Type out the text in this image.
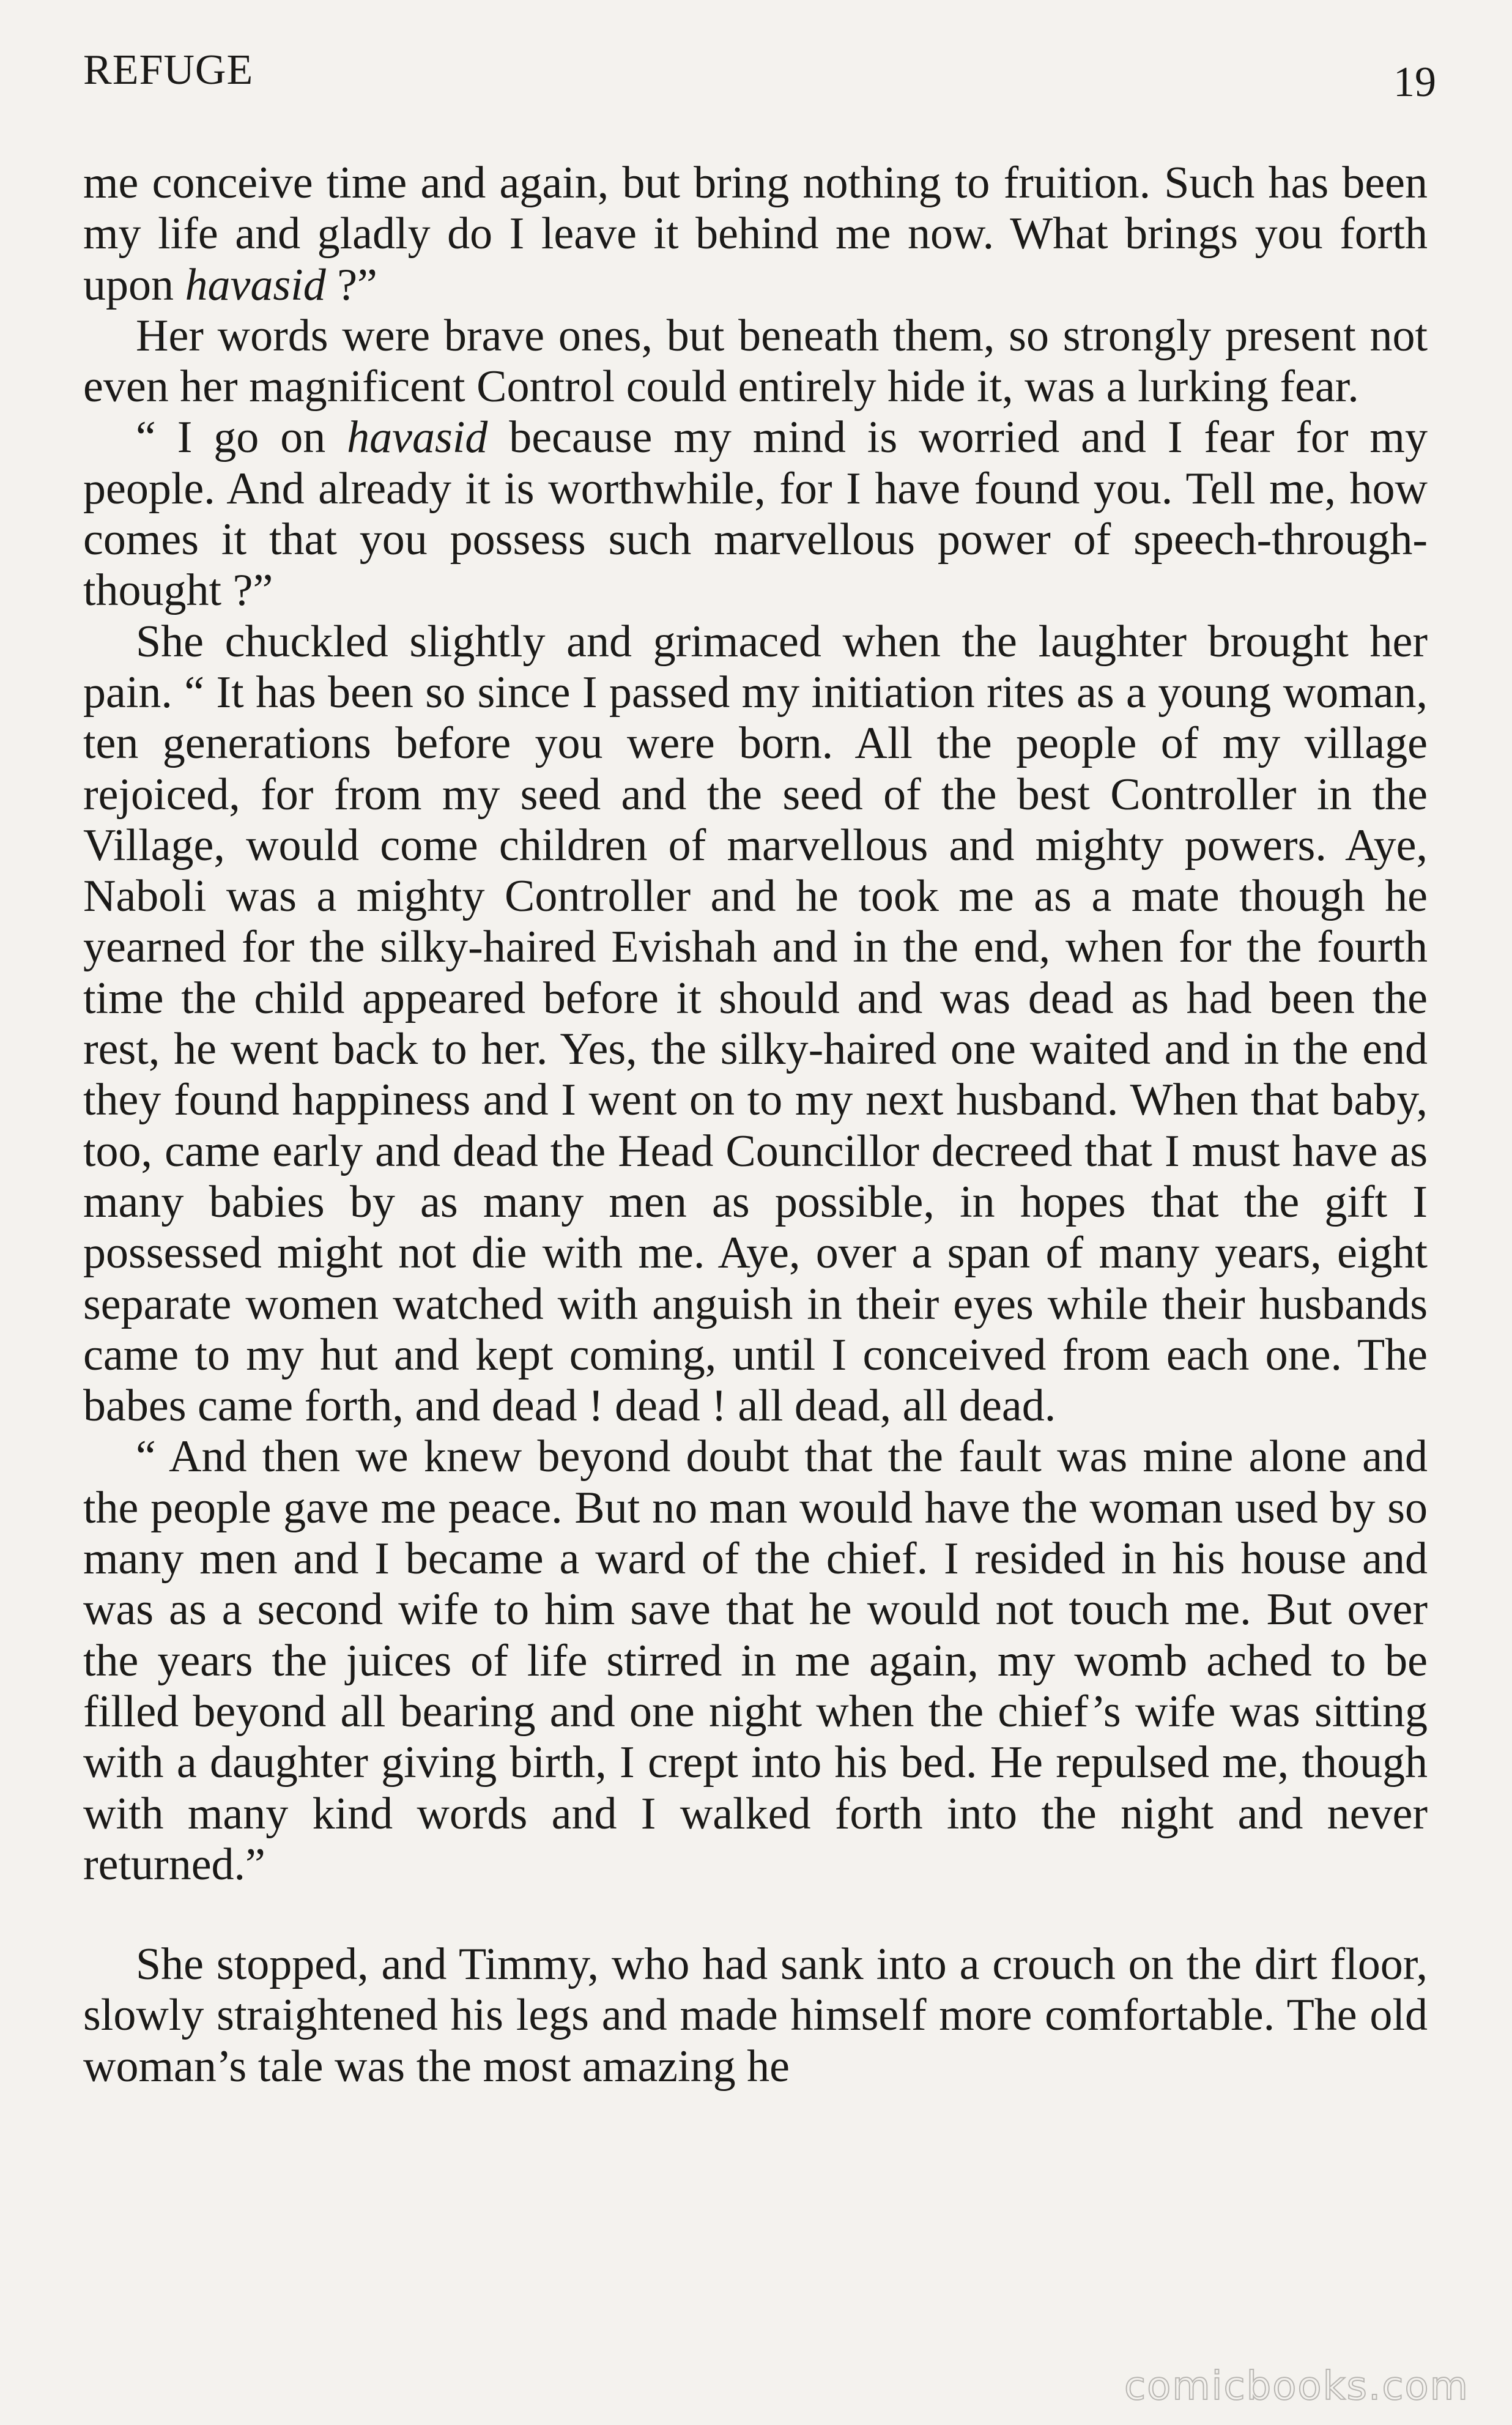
REFUGE	19

me conceive time and again, but bring nothing to fruition. Such has been my life and gladly do I leave it behind me now. What brings you forth upon havasid ?”

Her words were brave ones, but beneath them, so strongly present not even her magnificent Control could entirely hide it, was a lurking fear.

“ I go on havasid because my mind is worried and I fear for my people. And already it is worthwhile, for I have found you. Tell me, how comes it that you possess such marvellous power of speech-through-thought ?”

She chuckled slightly and grimaced when the laughter brought her pain. “ It has been so since I passed my initiation rites as a young woman, ten generations before you were born. All the people of my village rejoiced, for from my seed and the seed of the best Controller in the Village, would come children of marvellous and mighty powers. Aye, Naboli was a mighty Controller and he took me as a mate though he yearned for the silky-haired Evishah and in the end, when for the fourth time the child appeared before it should and was dead as had been the rest, he went back to her. Yes, the silky-haired one waited and in the end they found happiness and I went on to my next husband. When that baby, too, came early and dead the Head Councillor decreed that I must have as many babies by as many men as possible, in hopes that the gift I possessed might not die with me. Aye, over a span of many years, eight separate women watched with anguish in their eyes while their husbands came to my hut and kept coming, until I conceived from each one. The babes came forth, and dead ! dead ! all dead, all dead.

“ And then we knew beyond doubt that the fault was mine alone and the people gave me peace. But no man would have the woman used by so many men and I became a ward of the chief. I resided in his house and was as a second wife to him save that he would not touch me. But over the years the juices of life stirred in me again, my womb ached to be filled beyond all bearing and one night when the chief’s wife was sitting with a daughter giving birth, I crept into his bed. He repulsed me, though with many kind words and I walked forth into the night and never returned.”

She stopped, and Timmy, who had sank into a crouch on the dirt floor, slowly straightened his legs and made himself more comfortable. The old woman’s tale was the most amazing he

comicbooks.com
